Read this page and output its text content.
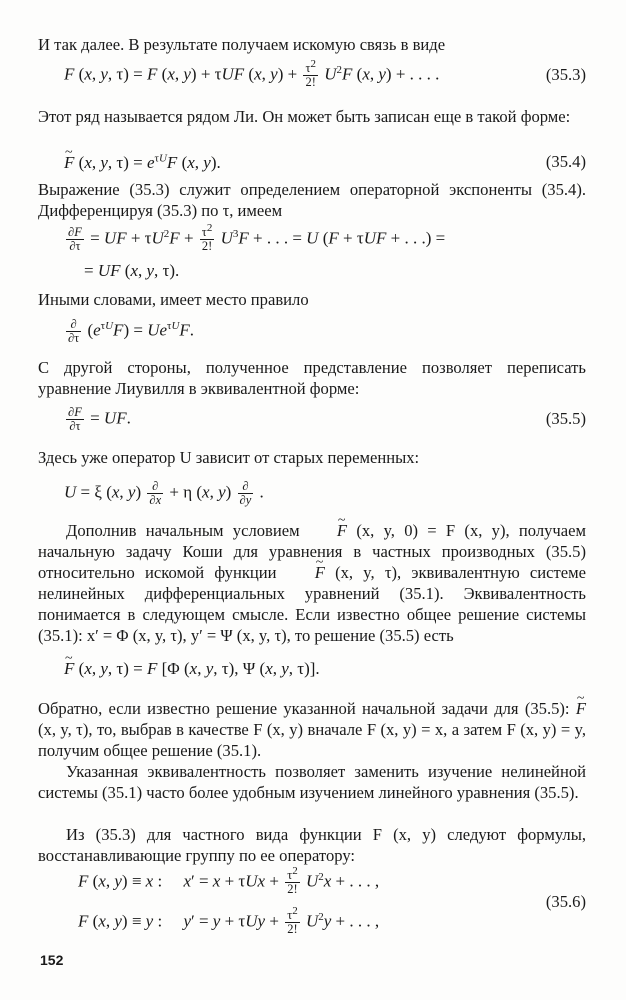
И так далее. В результате получаем искомую связь в виде
F (x, y, τ) = F (x, y) + τUF (x, $y) + \frac{\tau^2}{2!} U^2F$ (x, y) + . . . .	(35.3)
Этот ряд называется рядом Ли. Он может быть записан еще в такой форме:
~ F (x, y, $\tau) = e^{\tau U}F$ (x, y).	(35.4)
Выражение (35.3) служит определением операторной экспоненты (35.4). Дифференцируя (35.3) по τ, имеем
$\frac{\partial F}{\partial\tau}$ = UF + $\tau U^2F + \frac{\tau^2}{2!} U^3F$ + . . . = U (F + τUF + . . .) =
= UF (x, y, τ).
Иными словами, имеет место правило
$\frac{\partial}{\partial\tau} (e^{\tau U}F) = Ue^{\tau U}F$.
С другой стороны, полученное представление позволяет переписать уравнение Лиувилля в эквивалентной форме:
$\frac{\partial F}{\partial\tau}$ = UF.	(35.5)
Здесь уже оператор U зависит от старых переменных:
U = ξ (x, $y) \frac{\partial}{\partial x} + \eta$ (x, $y) \frac{\partial}{\partial y}$ .
Дополнив начальным условием ~ F (x, y, 0) = F (x, y), получаем начальную задачу Коши для уравнения в частных производных (35.5) относительно искомой функции ~ F (x, y, τ), эквивалентную системе нелинейных дифференциальных уравнений (35.1). Эквивалентность понимается в следующем смысле. Если известно общее решение системы (35.1): x′ = Φ (x, y, τ), y′ = Ψ (x, y, τ), то решение (35.5) есть
~ F (x, y, τ) = F [Φ (x, y, τ), Ψ (x, y, τ)].
Обратно, если известно решение указанной начальной задачи для (35.5): ~ F (x, y, τ), то, выбрав в качестве F (x, y) вначале F (x, y) = x, а затем F (x, y) = y, получим общее решение (35.1).
Указанная эквивалентность позволяет заменить изучение нелинейной системы (35.1) часто более удобным изучением линейного уравнения (35.5).
Из (35.3) для частного вида функции F (x, y) следуют формулы, восстанавливающие группу по ее оператору:
F (x, y) ≡ x :     $x' = x + \tau Ux + \frac{\tau^2}{2!} U^2x$ + . . . ,
F (x, y) ≡ y :     $y' = y + \tau Uy + \frac{\tau^2}{2!} U^2y$ + . . . ,
(35.6)
152
